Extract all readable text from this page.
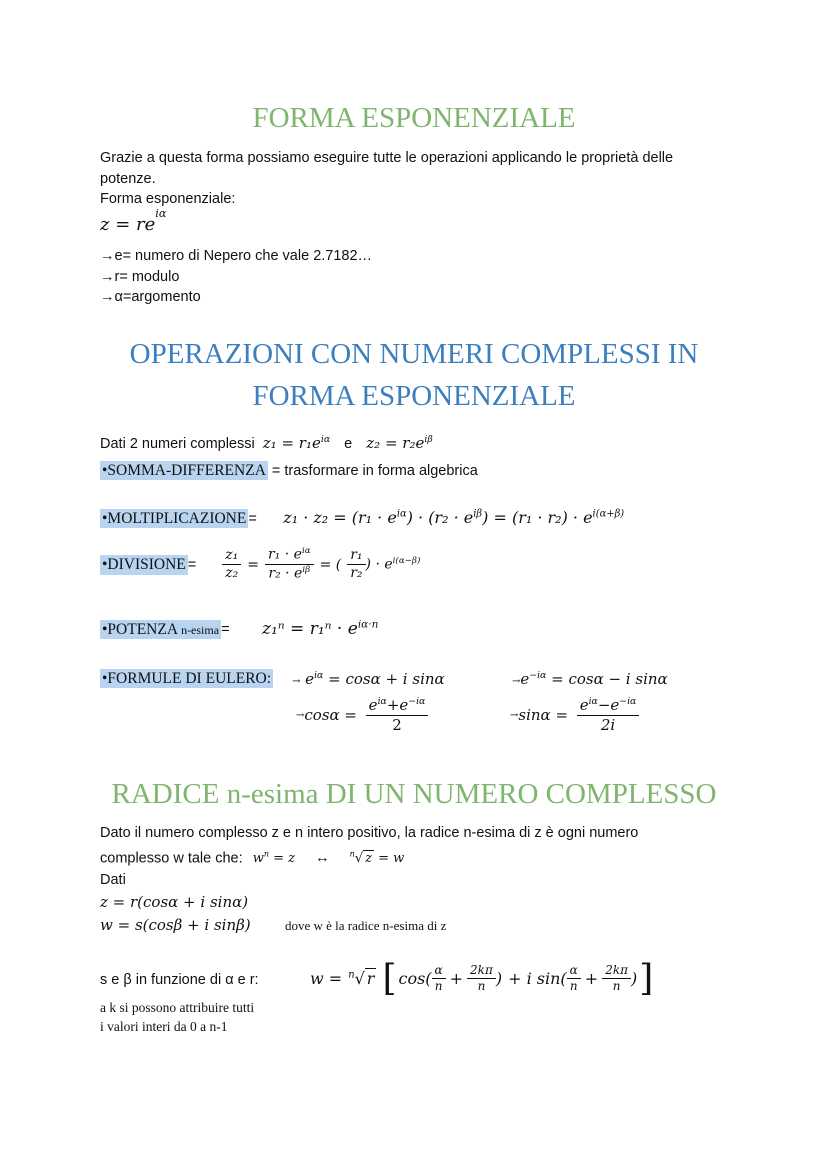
FORMA ESPONENZIALE
Grazie a questa forma possiamo eseguire tutte le operazioni applicando le proprietà delle
potenze.
Forma esponenziale:
$z = re^{i\alpha}$
→e= numero di Nepero che vale 2.7182…
→r= modulo
→α=argomento
OPERAZIONI CON NUMERI COMPLESSI IN
FORMA ESPONENZIALE
Dati 2 numeri complessi $z_1 = r_1e^{i\alpha}$ e $z_2 = r_2e^{i\beta}$
•SOMMA-DIFFERENZA = trasformare in forma algebrica
•MOLTIPLICAZIONE = $z_1 \cdot z_2 = (r_1 \cdot e^{i\alpha}) \cdot (r_2 \cdot e^{i\beta}) = (r_1 \cdot r_2) \cdot e^{i(\alpha+\beta)}$
•DIVISIONE = $\frac{\text{z₁}}{\text{z₂}} = \frac{r_1 \cdot e^{i\alpha}}{r_2 \cdot e^{i\beta}}$ = ( $\frac{\text{r₁}}{\text{r₂}}$ ) · $e^{i(\alpha-\beta)}$
•POTENZA n-esima = $z_1^n = r_1^n \cdot e^{i\alpha\cdot n}$
•FORMULE DI EULERO: → $e^{i\alpha} = \cos\alpha + i$ sinα	$\to e^{-i\alpha} = \cos\alpha - i$ sinα
→ $\cos\alpha = \frac{e^{i\alpha}+e^{-i\alpha}}{2}$	→ $\sin\alpha = \frac{e^{i\alpha}-e^{-i\alpha}}{2i}$
RADICE n-esima DI UN NUMERO COMPLESSO
Dato il numero complesso z e n intero positivo, la radice n-esima di z è ogni numero
complesso w tale che: $w^n = z$ ↔ $^n$√ z = w
Dati
z = r(cosα + i sinα)
w = s(cosβ + i sinβ)	dove w è la radice n-esima di z
s e β in funzione di α e r:	w = $^n$√ r [ $\cos( \frac{\alpha}{n} + \frac{2k\pi}{n}$ ) + i $\sin( \frac{\alpha}{n} + \frac{2k\pi}{n}$ ) ]
a k si possono attribuire tutti
i valori interi da 0 a n-1
